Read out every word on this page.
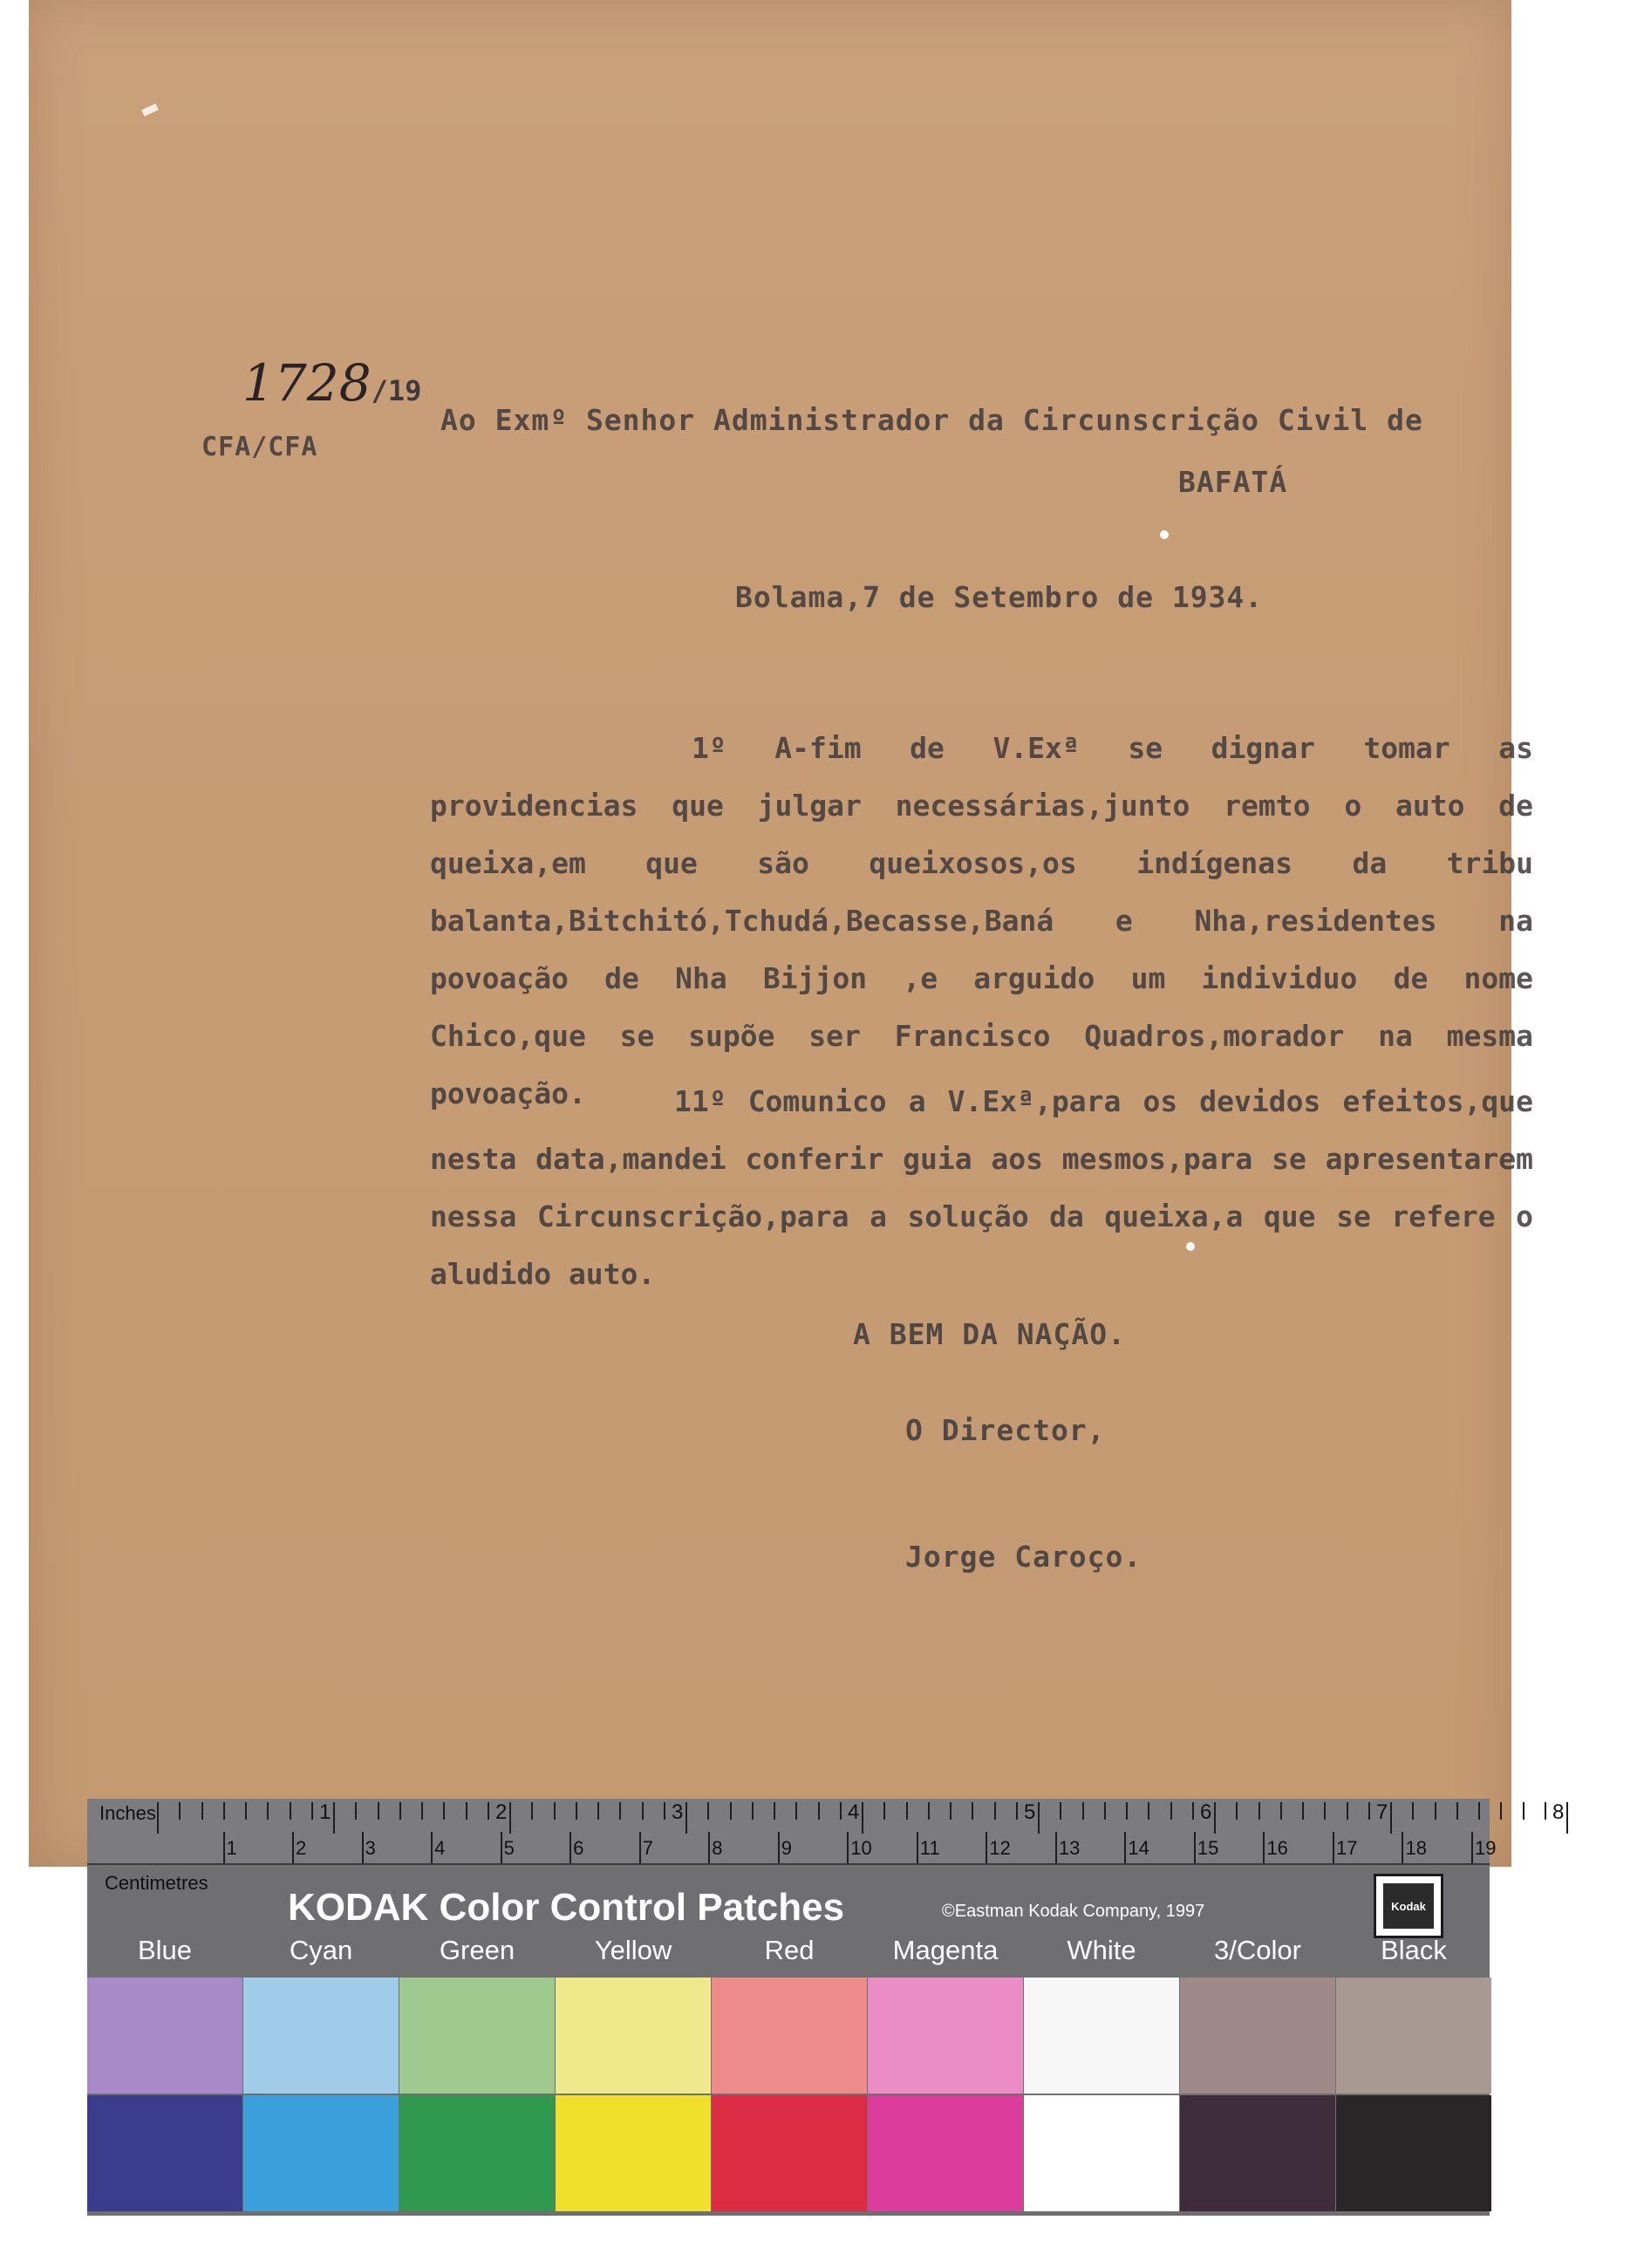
1728/19
CFA/CFA
Ao Exmº Senhor Administrador da Circunscrição Civil de
BAFATÁ
Bolama,7 de Setembro de 1934.
1º A-fim de V.Exª se dignar tomar as providencias que julgar necessárias,junto remto o auto de queixa,em que são queixosos,os indígenas da tribu balanta,Bitchitó,Tchudá,Becasse,Baná e Nha,residentes na povoação de Nha Bijjon ,e arguido um individuo de nome Chico,que se supõe ser Francisco Quadros,morador na mesma povoação.	11º Comunico a V.Exª,para os devidos efeitos,que nesta data,mandei conferir guia aos mesmos,para se apresentarem nessa Circunscrição,para a solução da queixa,a que se refere o aludido auto.
A BEM DA NAÇÃO.
O Director,
Jorge Caroço.
Inches	1	2	3	4	5	6	7	8
1	2	3	4	5	6	7	8	9	10	11	12	13	14	15	16	17	18	19
Centimetres
KODAK Color Control Patches	©Eastman Kodak Company, 1997	Kodak
Blue	Cyan	Green	Yellow	Red	Magenta	White	3/Color	Black
